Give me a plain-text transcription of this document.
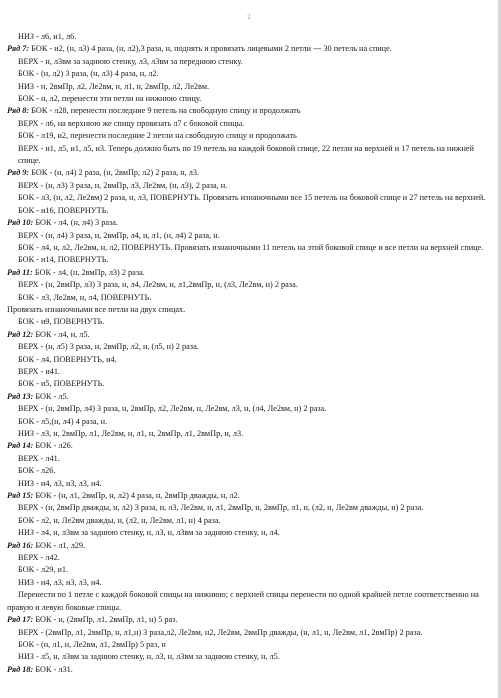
2
НИЗ - л6, и1, л6.
Ряд 7: БОК - и2, (н, л3) 4 раза, (н, л2),3 раза, н, поднять и провязать лицевыми 2 петли --- 30 петель на спице.
ВЕРХ - н, л3вм за заднюю стенку, л3, л3вм за переднюю стенку.
БОК - (н, л2) 3 раза, (н, л3) 4 раза, н, л2.
НИЗ - н, 2вмПр, л2, Ле2вм, н, л1, н, 2вмПр, л2, Ле2вм.
БОК - н, л2, перенести эти петли на нижнюю спицу.
Ряд 8: БОК - л28, перенести последние 9 петель на свободную спицу и продолжать
ВЕРХ - л6, на верхнюю же спицу провязать л7 с боковой спицы.
БОК - л19, и2, перенести последние 2 петли на свободную спицу и продолжать
ВЕРХ - и1, л5, и1, л5, и3. Теперь должно быть по 19 петель на каждой боковой спице, 22 петли на верхней и 17 петель на нижней спице.
Ряд 9: БОК - (н, л4) 2 раза, (н, 2вмПр, л2) 2 раза, н, л3.
ВЕРХ - (н, л3) 3 раза, н, 2вмПр, л3, Ле2вм, (н, л3), 2 раза, н.
БОК - л3, (н, л2, Ле2вм) 2 раза, н, л3, ПОВЕРНУТЬ. Провязать изнаночными все 15 петель на боковой спице и 27 петель на верхней.
БОК - и16, ПОВЕРНУТЬ.
Ряд 10: БОК - л4, (н, л4) 3 раза.
ВЕРХ - (н, л4) 3 раза, н, 2вмПр, л4, н, л1, (н, л4) 2 раза, н.
БОК - л4, н, л2, Ле2вм, н, л2, ПОВЕРНУТЬ. Провязать изнаночными 11 петель на этой боковой спице и все петли на верхней спице.
БОК - и14, ПОВЕРНУТЬ.
Ряд 11: БОК - л4, (н, 2вмПр, л3) 2 раза.
ВЕРХ - (н, 2вмПр, л3) 3 раза, н, л4, Ле2вм, н, л1,2вмПр, н, (л3, Ле2вм, н) 2 раза.
БОК - л3, Ле2вм, н, л4, ПОВЕРНУТЬ.
Провязать изнаночными все петли на двух спицах.
БОК - и9, ПОВЕРНУТЬ.
Ряд 12: БОК - л4, н, л5.
ВЕРХ - (н, л5) 3 раза, н, 2вмПр, л2, н, (л5, н) 2 раза.
БОК - л4, ПОВЕРНУТЬ, и4.
ВЕРХ - и41.
БОК - и5, ПОВЕРНУТЬ.
Ряд 13: БОК - л5.
ВЕРХ - (н, 2вмПр, л4) 3 раза, н, 2вмПр, л2, Ле2вм, н, Ле2вм, л3, н, (л4, Ле2вм, н) 2 раза.
БОК - л5,(н, л4) 4 раза, н.
НИЗ - л3, н, 2вмПр, л1, Ле2вм, н, л1, н, 2вмПр, л1, 2вмПр, н, л3.
Ряд 14: БОК - л26.
ВЕРХ - л41.
БОК - л26.
НИЗ - и4, л3, и3, л3, и4.
Ряд 15: БОК - (н, л1, 2вмПр, н, л2) 4 раза, н, 2вмПр дважды, н, л2.
ВЕРХ - (н, 2вмПр дважды, н, л2) 3 раза, н, л3, Ле2вм, н, л1, 2вмПр, н, 2вмПр, л1, н, (л2, н, Ле2вм дважды, н) 2 раза.
БОК - л2, н, Ле2вм дважды, н, (л2, н, Ле2вм, л1, н) 4 раза.
НИЗ - л4, н, л3вм за заднюю стенку, н, л3, н, л3вм за заднюю стенку, н, л4.
Ряд 16: БОК - л1, л29.
ВЕРХ - л42.
БОК - л29, и1.
НИЗ - и4, л3, и3, л3, и4.
Перенести по 1 петле с каждой боковой спицы на нижнюю; с верхней спицы перенести по одной крайней петле соответственно на правую и левую боковые спицы.
Ряд 17: БОК - н, (2вмПр, л1, 2вмПр, л1, н) 5 раз.
ВЕРХ - (2вмПр, л1, 2вмПр, н, л1,н) 3 раза,л2, Ле2вм, н2, Ле2вм, 2вмПр дважды, (н, л1, н, Ле2вм, л1, 2вмПр) 2 раза.
БОК - (н, л1, н, Ле2вм, л1, 2вмПр) 5 раз, н
НИЗ - л5, н, л3вм за заднюю стенку, н, л3, н, л3вм за заднюю стенку, н, л5.
Ряд 18: БОК - л31.
